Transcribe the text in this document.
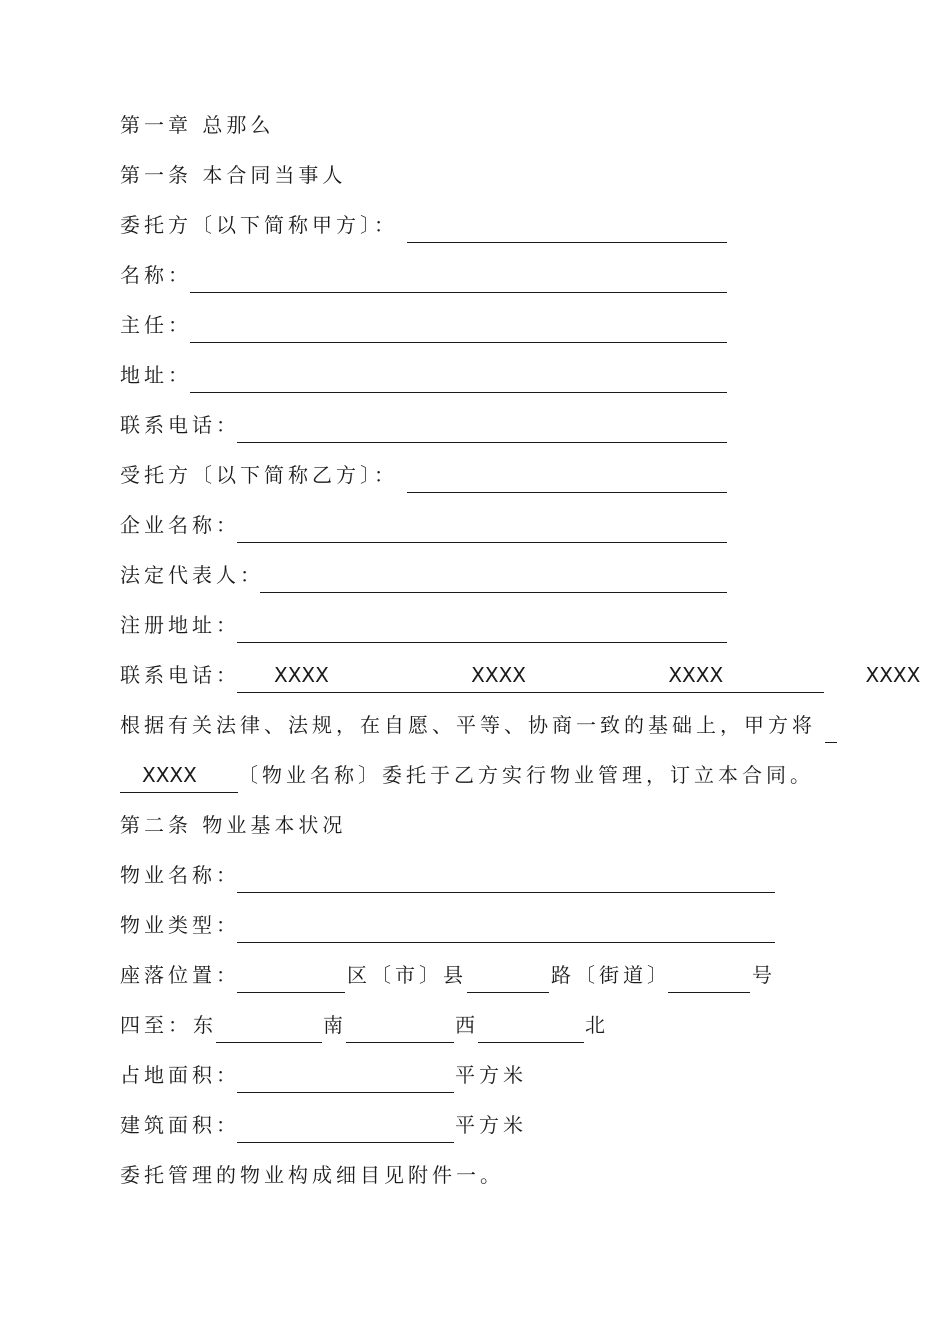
第一章 总那么
第一条 本合同当事人
委托方〔以下简称甲方〕：
名称：
主任：
地址：
联系电话：
受托方〔以下简称乙方〕：
企业名称：
法定代表人：
注册地址：
联系电话： XXXX	XXXX	XXXX	XXXX
根据有关法律、法规，在自愿、平等、协商一致的基础上，甲方将
XXXX 〔物业名称〕委托于乙方实行物业管理，订立本合同。
第二条 物业基本状况
物业名称：
物业类型：
座落位置：	区〔市〕县	路〔街道〕	号
四至： 东	南	西	北
占地面积：	平方米
建筑面积：	平方米
委托管理的物业构成细目见附件一。
